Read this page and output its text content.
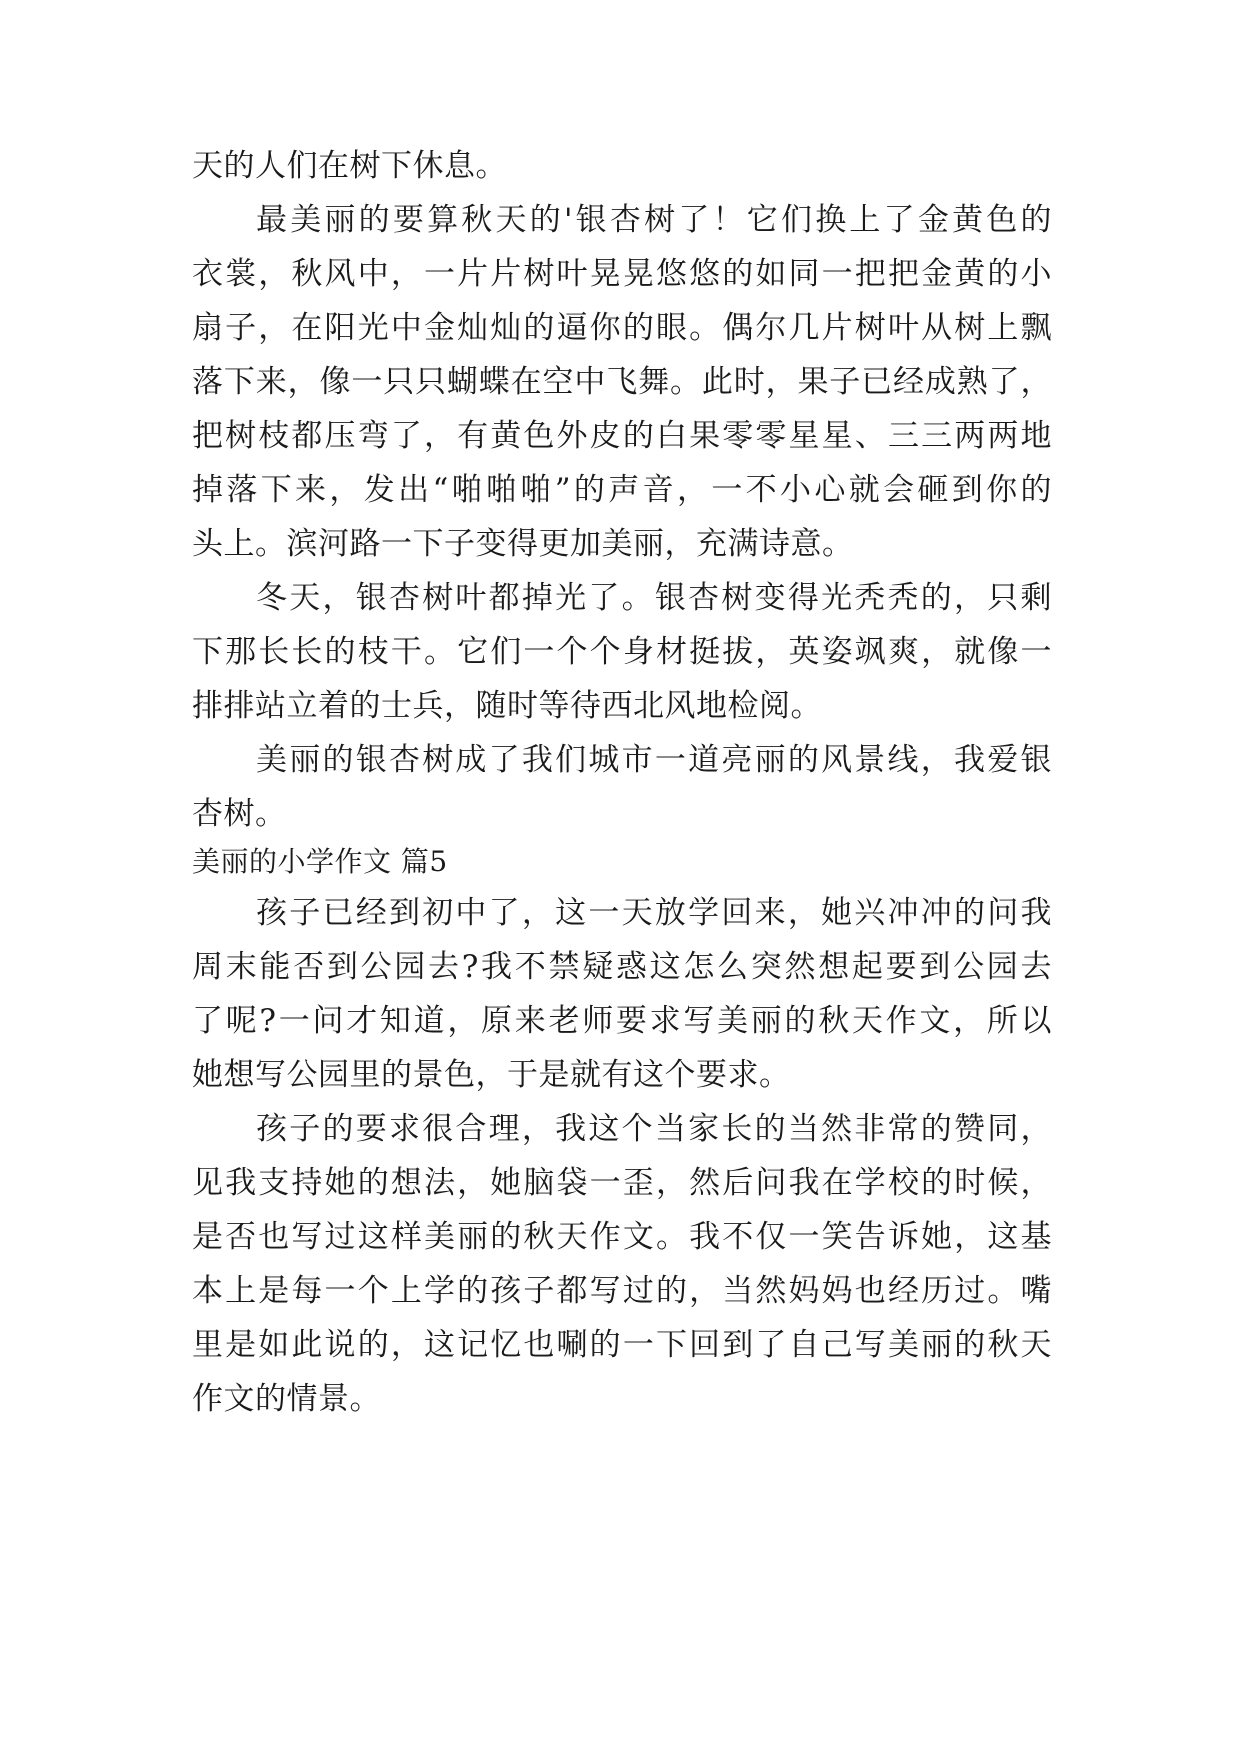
天的人们在树下休息。
最美丽的要算秋天的'银杏树了！它们换上了金黄色的
衣裳，秋风中，一片片树叶晃晃悠悠的如同一把把金黄的小
扇子，在阳光中金灿灿的逼你的眼。偶尔几片树叶从树上飘
落下来，像一只只蝴蝶在空中飞舞。此时，果子已经成熟了，
把树枝都压弯了，有黄色外皮的白果零零星星、三三两两地
掉落下来，发出“啪啪啪”的声音，一不小心就会砸到你的
头上。滨河路一下子变得更加美丽，充满诗意。
冬天，银杏树叶都掉光了。银杏树变得光秃秃的，只剩
下那长长的枝干。它们一个个身材挺拔，英姿飒爽，就像一
排排站立着的士兵，随时等待西北风地检阅。
美丽的银杏树成了我们城市一道亮丽的风景线，我爱银
杏树。
美丽的小学作文 篇5
孩子已经到初中了，这一天放学回来，她兴冲冲的问我
周末能否到公园去?我不禁疑惑这怎么突然想起要到公园去
了呢?一问才知道，原来老师要求写美丽的秋天作文，所以
她想写公园里的景色，于是就有这个要求。
孩子的要求很合理，我这个当家长的当然非常的赞同，
见我支持她的想法，她脑袋一歪，然后问我在学校的时候，
是否也写过这样美丽的秋天作文。我不仅一笑告诉她，这基
本上是每一个上学的孩子都写过的，当然妈妈也经历过。嘴
里是如此说的，这记忆也唰的一下回到了自己写美丽的秋天
作文的情景。
